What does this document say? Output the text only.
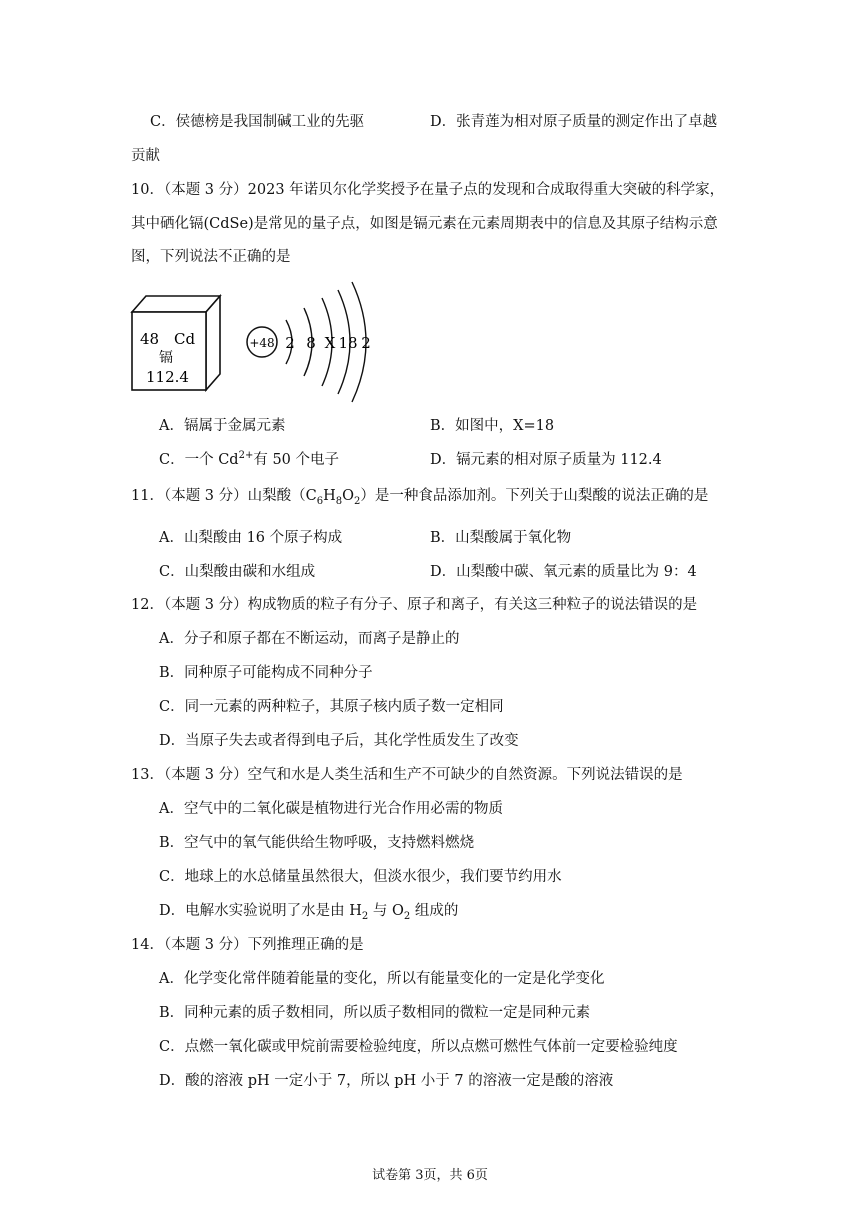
C．侯德榜是我国制碱工业的先驱	D．张青莲为相对原子质量的测定作出了卓越
贡献
10．（本题 3 分）2023 年诺贝尔化学奖授予在量子点的发现和合成取得重大突破的科学家，
其中硒化镉(CdSe)是常见的量子点，如图是镉元素在元素周期表中的信息及其原子结构示意
图，下列说法不正确的是
48 Cd
镉
112.4
+48 2 8 X 18 2
A．镉属于金属元素	B．如图中，X=18
C．一个 $Cd^{2+}$有 50 个电子	D．镉元素的相对原子质量为 112.4
11．（本题 3 分）山梨酸$(C_6H_8O_2)$是一种食品添加剂。下列关于山梨酸的说法正确的是
A．山梨酸由 16 个原子构成	B．山梨酸属于氧化物
C．山梨酸由碳和水组成	D．山梨酸中碳、氧元素的质量比为 9：4
12．（本题 3 分）构成物质的粒子有分子、原子和离子，有关这三种粒子的说法错误的是
A．分子和原子都在不断运动，而离子是静止的
B．同种原子可能构成不同种分子
C．同一元素的两种粒子，其原子核内质子数一定相同
D．当原子失去或者得到电子后，其化学性质发生了改变
13．（本题 3 分）空气和水是人类生活和生产不可缺少的自然资源。下列说法错误的是
A．空气中的二氧化碳是植物进行光合作用必需的物质
B．空气中的氧气能供给生物呼吸，支持燃料燃烧
C．地球上的水总储量虽然很大，但淡水很少，我们要节约用水
D．电解水实验说明了水是由 $H_2$ 与 $O_2$ 组成的
14．（本题 3 分）下列推理正确的是
A．化学变化常伴随着能量的变化，所以有能量变化的一定是化学变化
B．同种元素的质子数相同，所以质子数相同的微粒一定是同种元素
C．点燃一氧化碳或甲烷前需要检验纯度，所以点燃可燃性气体前一定要检验纯度
D．酸的溶液 pH 一定小于 7，所以 pH 小于 7 的溶液一定是酸的溶液
试卷第 3页，共 6页
